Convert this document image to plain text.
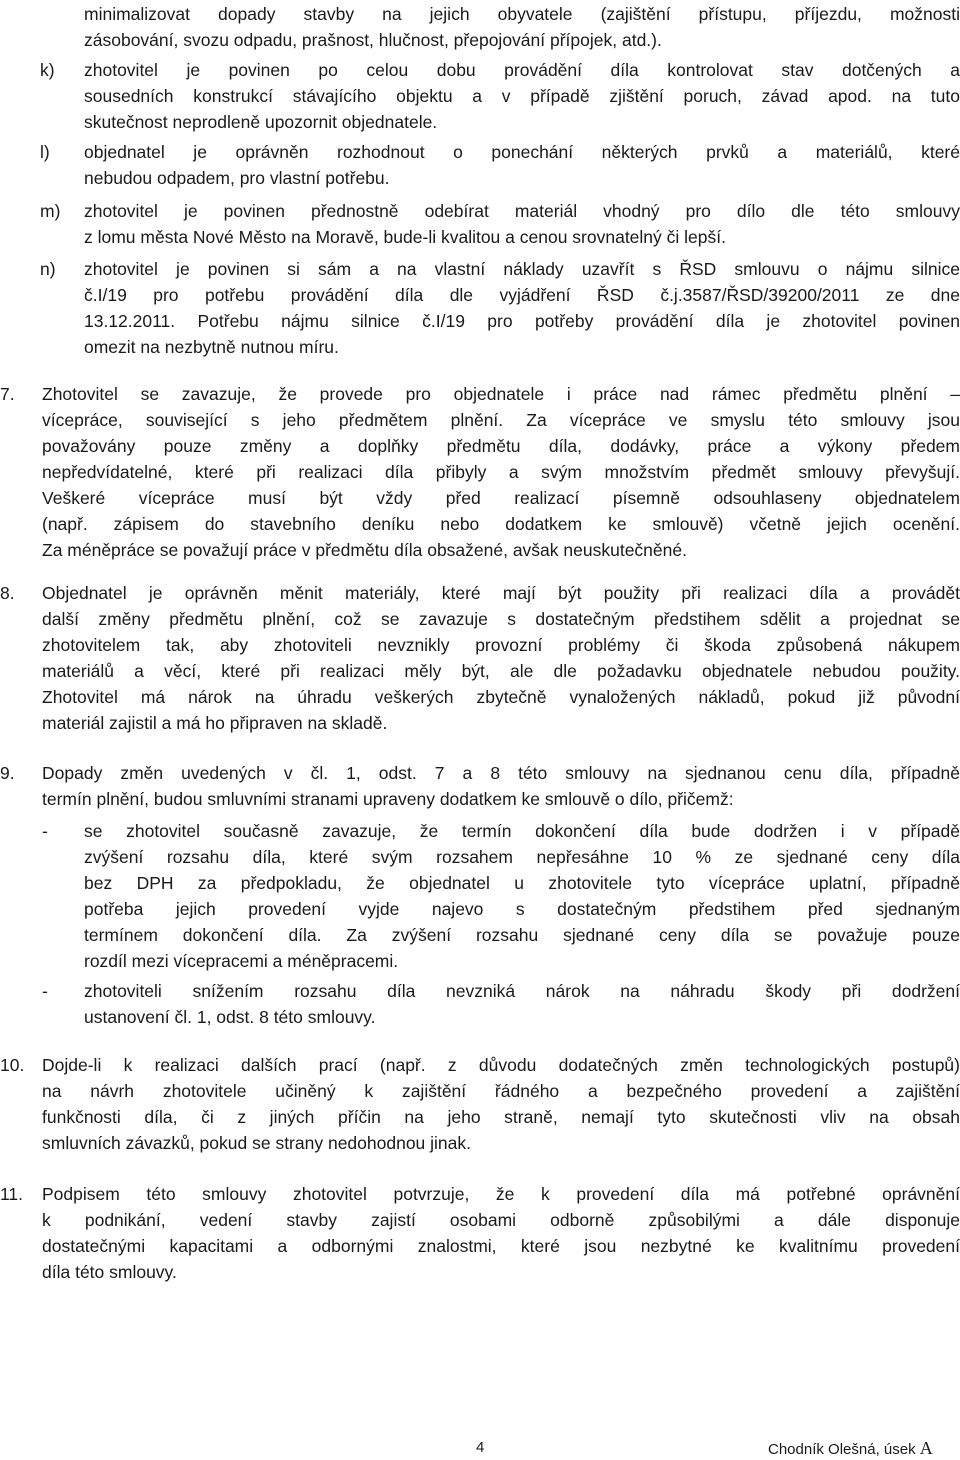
minimalizovat dopady stavby na jejich obyvatele (zajištění přístupu, příjezdu, možnosti
zásobování, svozu odpadu, prašnost, hlučnost, přepojování přípojek, atd.).
k) zhotovitel je povinen po celou dobu provádění díla kontrolovat stav dotčených a
sousedních konstrukcí stávajícího objektu a v případě zjištění poruch, závad apod. na tuto
skutečnost neprodleně upozornit objednatele.
l) objednatel je oprávněn rozhodnout o ponechání některých prvků a materiálů, které
nebudou odpadem, pro vlastní potřebu.
m) zhotovitel je povinen přednostně odebírat materiál vhodný pro dílo dle této smlouvy
z lomu města Nové Město na Moravě, bude-li kvalitou a cenou srovnatelný či lepší.
n) zhotovitel je povinen si sám a na vlastní náklady uzavřít s ŘSD smlouvu o nájmu silnice
č.I/19 pro potřebu provádění díla dle vyjádření ŘSD č.j.3587/ŘSD/39200/2011 ze dne
13.12.2011. Potřebu nájmu silnice č.I/19 pro potřeby provádění díla je zhotovitel povinen
omezit na nezbytně nutnou míru.
7. Zhotovitel se zavazuje, že provede pro objednatele i práce nad rámec předmětu plnění –
vícepráce, související s jeho předmětem plnění. Za vícepráce ve smyslu této smlouvy jsou
považovány pouze změny a doplňky předmětu díla, dodávky, práce a výkony předem
nepředvídatelné, které při realizaci díla přibyly a svým množstvím předmět smlouvy převyšují.
Veškeré vícepráce musí být vždy před realizací písemně odsouhlaseny objednatelem
(např. zápisem do stavebního deníku nebo dodatkem ke smlouvě) včetně jejich ocenění.
Za méněpráce se považují práce v předmětu díla obsažené, avšak neuskutečněné.
8. Objednatel je oprávněn měnit materiály, které mají být použity při realizaci díla a provádět
další změny předmětu plnění, což se zavazuje s dostatečným předstihem sdělit a projednat se
zhotovitelem tak, aby zhotoviteli nevznikly provozní problémy či škoda způsobená nákupem
materiálů a věcí, které při realizaci měly být, ale dle požadavku objednatele nebudou použity.
Zhotovitel má nárok na úhradu veškerých zbytečně vynaložených nákladů, pokud již původní
materiál zajistil a má ho připraven na skladě.
9. Dopady změn uvedených v čl. 1, odst. 7 a 8 této smlouvy na sjednanou cenu díla, případně
termín plnění, budou smluvními stranami upraveny dodatkem ke smlouvě o dílo, přičemž:
- se zhotovitel současně zavazuje, že termín dokončení díla bude dodržen i v případě
zvýšení rozsahu díla, které svým rozsahem nepřesáhne 10 % ze sjednané ceny díla
bez DPH za předpokladu, že objednatel u zhotovitele tyto vícepráce uplatní, případně
potřeba jejich provedení vyjde najevo s dostatečným předstihem před sjednaným
termínem dokončení díla. Za zvýšení rozsahu sjednané ceny díla se považuje pouze
rozdíl mezi vícepracemi a méněpracemi.
- zhotoviteli snížením rozsahu díla nevzniká nárok na náhradu škody při dodržení
ustanovení čl. 1, odst. 8 této smlouvy.
10. Dojde-li k realizaci dalších prací (např. z důvodu dodatečných změn technologických postupů)
na návrh zhotovitele učiněný k zajištění řádného a bezpečného provedení a zajištění
funkčnosti díla, či z jiných příčin na jeho straně, nemají tyto skutečnosti vliv na obsah
smluvních závazků, pokud se strany nedohodnou jinak.
11. Podpisem této smlouvy zhotovitel potvrzuje, že k provedení díla má potřebné oprávnění
k podnikání, vedení stavby zajistí osobami odborně způsobilými a dále disponuje
dostatečnými kapacitami a odbornými znalostmi, které jsou nezbytné ke kvalitnímu provedení
díla této smlouvy.
4	Chodník Olešná, úsek A
